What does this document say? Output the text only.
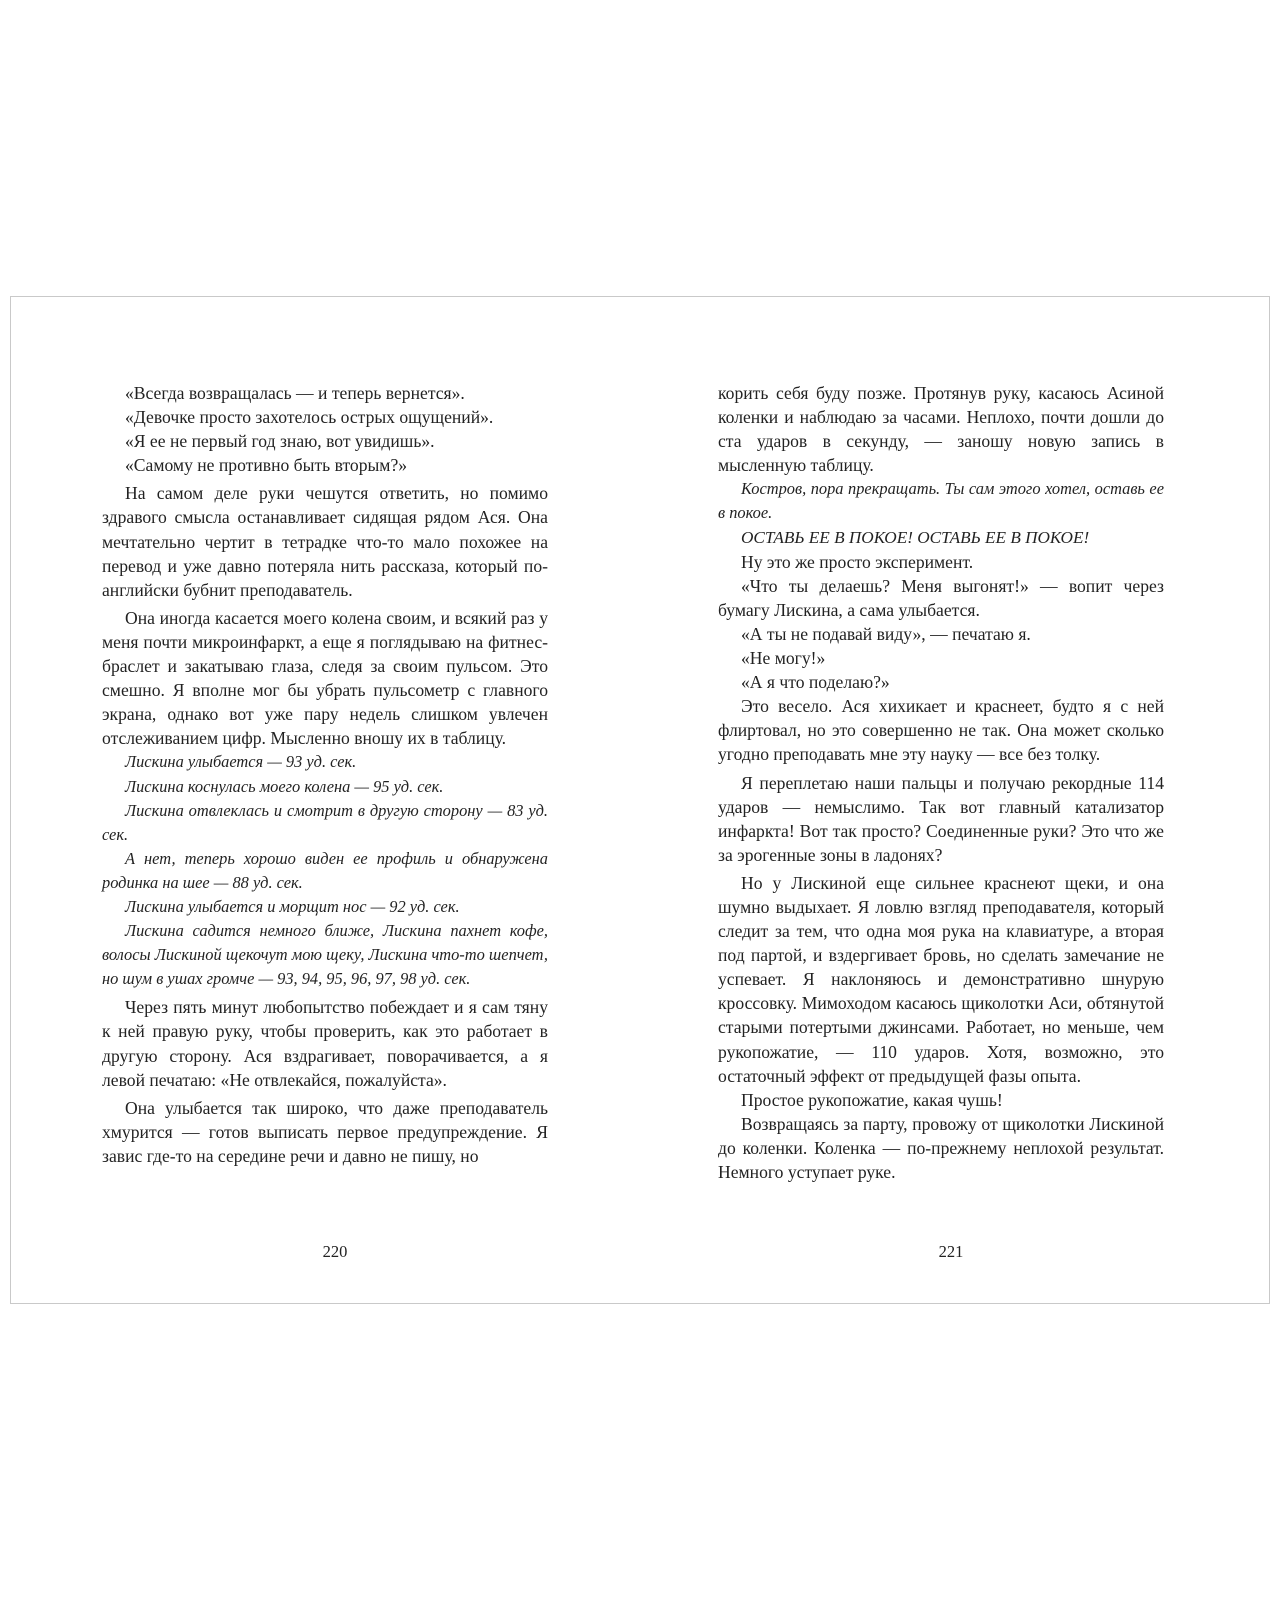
«Всегда возвращалась — и теперь вернется».

«Девочке просто захотелось острых ощущений».

«Я ее не первый год знаю, вот увидишь».

«Самому не противно быть вторым?»

На самом деле руки чешутся ответить, но помимо здравого смысла останавливает сидящая рядом Ася. Она мечтательно чертит в тетрадке что-то мало похожее на перевод и уже давно потеряла нить рассказа, который по-английски бубнит преподаватель.

Она иногда касается моего колена своим, и всякий раз у меня почти микроинфаркт, а еще я поглядываю на фитнес-браслет и закатываю глаза, следя за своим пульсом. Это смешно. Я вполне мог бы убрать пульсометр с главного экрана, однако вот уже пару недель слишком увлечен отслеживанием цифр. Мысленно вношу их в таблицу.

Лискина улыбается — 93 уд. сек.

Лискина коснулась моего колена — 95 уд. сек.

Лискина отвлеклась и смотрит в другую сторону — 83 уд. сек.

А нет, теперь хорошо виден ее профиль и обнаружена родинка на шее — 88 уд. сек.

Лискина улыбается и морщит нос — 92 уд. сек.

Лискина садится немного ближе, Лискина пахнет кофе, волосы Лискиной щекочут мою щеку, Лискина что-то шепчет, но шум в ушах громче — 93, 94, 95, 96, 97, 98 уд. сек.

Через пять минут любопытство побеждает и я сам тяну к ней правую руку, чтобы проверить, как это работает в другую сторону. Ася вздрагивает, поворачивается, а я левой печатаю: «Не отвлекайся, пожалуйста».

Она улыбается так широко, что даже преподаватель хмурится — готов выписать первое предупреждение. Я завис где-то на середине речи и давно не пишу, но

корить себя буду позже. Протянув руку, касаюсь Асиной коленки и наблюдаю за часами. Неплохо, почти дошли до ста ударов в секунду, — заношу новую запись в мысленную таблицу.

Костров, пора прекращать. Ты сам этого хотел, оставь ее в покое.

ОСТАВЬ ЕЕ В ПОКОЕ! ОСТАВЬ ЕЕ В ПОКОЕ!

Ну это же просто эксперимент.

«Что ты делаешь? Меня выгонят!» — вопит через бумагу Лискина, а сама улыбается.

«А ты не подавай виду», — печатаю я.

«Не могу!»

«А я что поделаю?»

Это весело. Ася хихикает и краснеет, будто я с ней флиртовал, но это совершенно не так. Она может сколько угодно преподавать мне эту науку — все без толку.

Я переплетаю наши пальцы и получаю рекордные 114 ударов — немыслимо. Так вот главный катализатор инфаркта! Вот так просто? Соединенные руки? Это что же за эрогенные зоны в ладонях?

Но у Лискиной еще сильнее краснеют щеки, и она шумно выдыхает. Я ловлю взгляд преподавателя, который следит за тем, что одна моя рука на клавиатуре, а вторая под партой, и вздергивает бровь, но сделать замечание не успевает. Я наклоняюсь и демонстративно шнурую кроссовку. Мимоходом касаюсь щиколотки Аси, обтянутой старыми потертыми джинсами. Работает, но меньше, чем рукопожатие, — 110 ударов. Хотя, возможно, это остаточный эффект от предыдущей фазы опыта.

Простое рукопожатие, какая чушь!

Возвращаясь за парту, провожу от щиколотки Лискиной до коленки. Коленка — по-прежнему неплохой результат. Немного уступает руке.

220	221
